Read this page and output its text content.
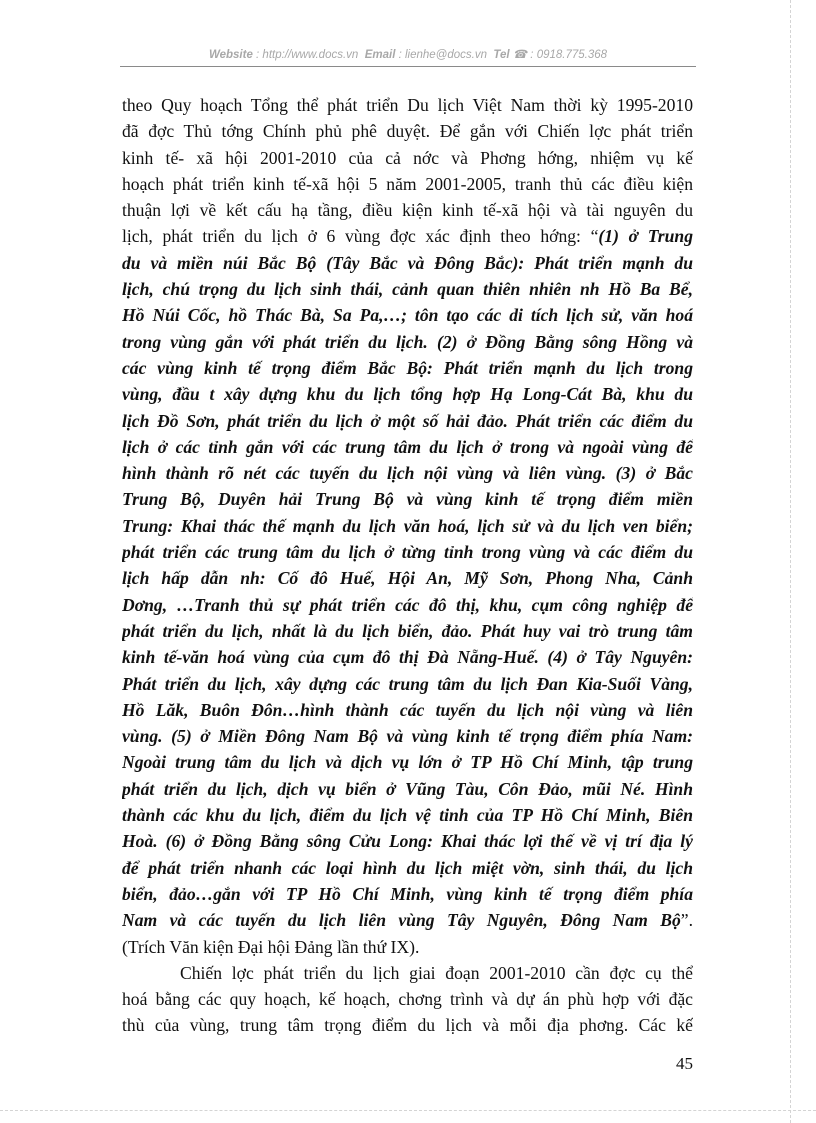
Website : http://www.docs.vn Email : lienhe@docs.vn Tel ☎ : 0918.775.368
theo Quy hoạch Tổng thể phát triển Du lịch Việt Nam thời kỳ 1995-2010
đã đợc Thủ tớng Chính phủ phê duyệt. Để gắn với Chiến lợc phát triển
kinh tế- xã hội 2001-2010 của cả nớc và Phơng hớng, nhiệm vụ kế
hoạch phát triển kinh tế-xã hội 5 năm 2001-2005, tranh thủ các điều kiện
thuận lợi về kết cấu hạ tầng, điều kiện kinh tế-xã hội và tài nguyên du
lịch, phát triển du lịch ở 6 vùng đợc xác định theo hớng: “(1) ở Trung
du và miền núi Bắc Bộ (Tây Bắc và Đông Bắc): Phát triển mạnh du
lịch, chú trọng du lịch sinh thái, cảnh quan thiên nhiên nh Hồ Ba Bể,
Hồ Núi Cốc, hồ Thác Bà, Sa Pa,…; tôn tạo các di tích lịch sử, văn hoá
trong vùng gắn với phát triển du lịch. (2) ở Đồng Bằng sông Hồng và
các vùng kinh tế trọng điểm Bắc Bộ: Phát triển mạnh du lịch trong
vùng, đầu t xây dựng khu du lịch tổng hợp Hạ Long-Cát Bà, khu du
lịch Đồ Sơn, phát triển du lịch ở một số hải đảo. Phát triển các điểm du
lịch ở các tỉnh gắn với các trung tâm du lịch ở trong và ngoài vùng để
hình thành rõ nét các tuyến du lịch nội vùng và liên vùng. (3) ở Bắc
Trung Bộ, Duyên hải Trung Bộ và vùng kinh tế trọng điểm miền
Trung: Khai thác thế mạnh du lịch văn hoá, lịch sử và du lịch ven biển;
phát triển các trung tâm du lịch ở từng tỉnh trong vùng và các điểm du
lịch hấp dẫn nh: Cố đô Huế, Hội An, Mỹ Sơn, Phong Nha, Cảnh
Dơng, …Tranh thủ sự phát triển các đô thị, khu, cụm công nghiệp để
phát triển du lịch, nhất là du lịch biển, đảo. Phát huy vai trò trung tâm
kinh tế-văn hoá vùng của cụm đô thị Đà Nẵng-Huế. (4) ở Tây Nguyên:
Phát triển du lịch, xây dựng các trung tâm du lịch Đan Kia-Suối Vàng,
Hồ Lăk, Buôn Đôn…hình thành các tuyến du lịch nội vùng và liên
vùng. (5) ở Miền Đông Nam Bộ và vùng kinh tế trọng điểm phía Nam:
Ngoài trung tâm du lịch và dịch vụ lớn ở TP Hồ Chí Minh, tập trung
phát triển du lịch, dịch vụ biển ở Vũng Tàu, Côn Đảo, mũi Né. Hình
thành các khu du lịch, điểm du lịch vệ tinh của TP Hồ Chí Minh, Biên
Hoà. (6) ở Đồng Bằng sông Cửu Long: Khai thác lợi thế về vị trí địa lý
để phát triển nhanh các loại hình du lịch miệt vờn, sinh thái, du lịch
biển, đảo…gắn với TP Hồ Chí Minh, vùng kinh tế trọng điểm phía
Nam và các tuyến du lịch liên vùng Tây Nguyên, Đông Nam Bộ”.
(Trích Văn kiện Đại hội Đảng lần thứ IX).
Chiến lợc phát triển du lịch giai đoạn 2001-2010 cần đợc cụ thể
hoá bằng các quy hoạch, kế hoạch, chơng trình và dự án phù hợp với đặc
thù của vùng, trung tâm trọng điểm du lịch và mỗi địa phơng. Các kế
45
